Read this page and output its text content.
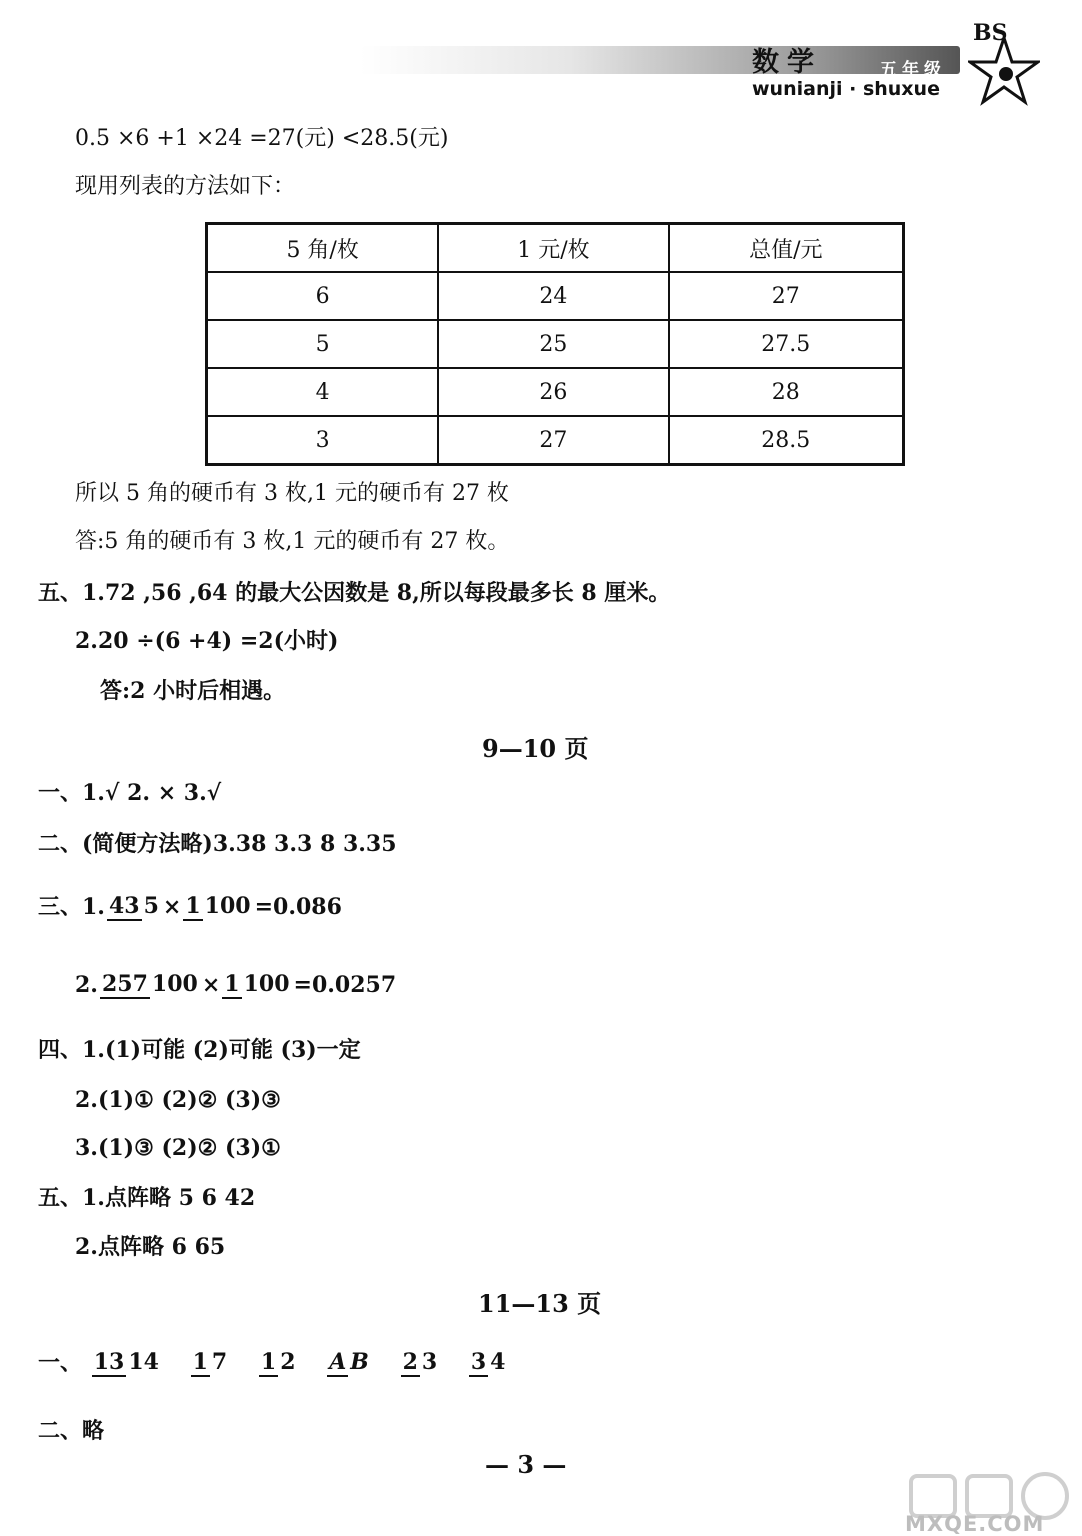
数学	五年级
wunianji · shuxue
BS
0.5 ×6 +1 ×24 =27(元) <28.5(元)
现用列表的方法如下：
5 角/枚	1 元/枚	总值/元
6	24	27
5	25	27.5
4	26	28
3	27	28.5
所以 5 角的硬币有 3 枚,1 元的硬币有 27 枚
答:5 角的硬币有 3 枚,1 元的硬币有 27 枚。
五、1.72 ,56 ,64 的最大公因数是 8,所以每段最多长 8 厘米。
2.20 ÷(6 +4) =2(小时)
答:2 小时后相遇。
9—10 页
一、1.√ 2. × 3.√
二、(简便方法略)3.38 3.3 8 3.35
三、1. 43 5 × 1 100 =0.086
2. 257 100 × 1 100 =0.0257
四、1.(1)可能 (2)可能 (3)一定
2.(1)① (2)② (3)③
3.(1)③ (2)② (3)①
五、1.点阵略 5 6 42
2.点阵略 6 65
11—13 页
一、 13 14 1 7 1 2 A B 2 3 3 4
二、略
— 3 —
MXQE.COM
